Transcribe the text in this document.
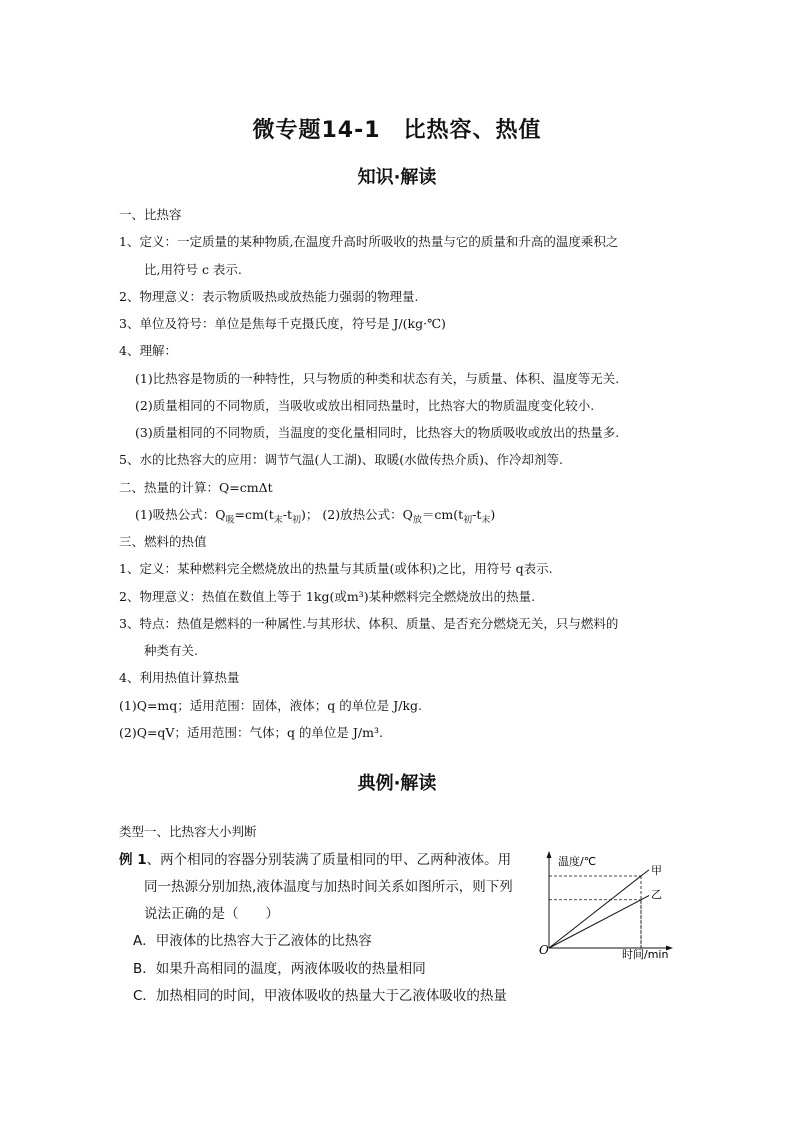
微专题14-1　比热容、热值
知识·解读
一、比热容
1、定义：一定质量的某种物质,在温度升高时所吸收的热量与它的质量和升高的温度乘积之
比,用符号 c 表示.
2、物理意义：表示物质吸热或放热能力强弱的物理量.
3、单位及符号：单位是焦每千克摄氏度，符号是 J/(kg·℃)
4、理解：
(1)比热容是物质的一种特性，只与物质的种类和状态有关，与质量、体积、温度等无关.
(2)质量相同的不同物质，当吸收或放出相同热量时，比热容大的物质温度变化较小.
(3)质量相同的不同物质，当温度的变化量相同时，比热容大的物质吸收或放出的热量多.
5、水的比热容大的应用：调节气温(人工湖)、取暖(水做传热介质)、作冷却剂等.
二、热量的计算：Q=cmΔt
(1)吸热公式：$Q_吸=cm(t_末-t_初)$； (2)放热公式：$Q_放=cm(t_初-t_末)$
三、燃料的热值
1、定义：某种燃料完全燃烧放出的热量与其质量(或体积)之比，用符号 q表示.
2、物理意义：热值在数值上等于 1kg(或m³)某种燃料完全燃烧放出的热量.
3、特点：热值是燃料的一种属性.与其形状、体积、质量、是否充分燃烧无关，只与燃料的
种类有关.
4、利用热值计算热量
(1)Q=mq；适用范围：固体，液体；q 的单位是 J/kg.
(2)Q=qV；适用范围：气体；q 的单位是 J/m³.
典例·解读
类型一、比热容大小判断
例 1、两个相同的容器分别装满了质量相同的甲、乙两种液体。用
同一热源分别加热,液体温度与加热时间关系如图所示，则下列
说法正确的是（　　）
A．甲液体的比热容大于乙液体的比热容
B．如果升高相同的温度，两液体吸收的热量相同
C．加热相同的时间，甲液体吸收的热量大于乙液体吸收的热量
甲
乙
温度/℃
时间/min
O
